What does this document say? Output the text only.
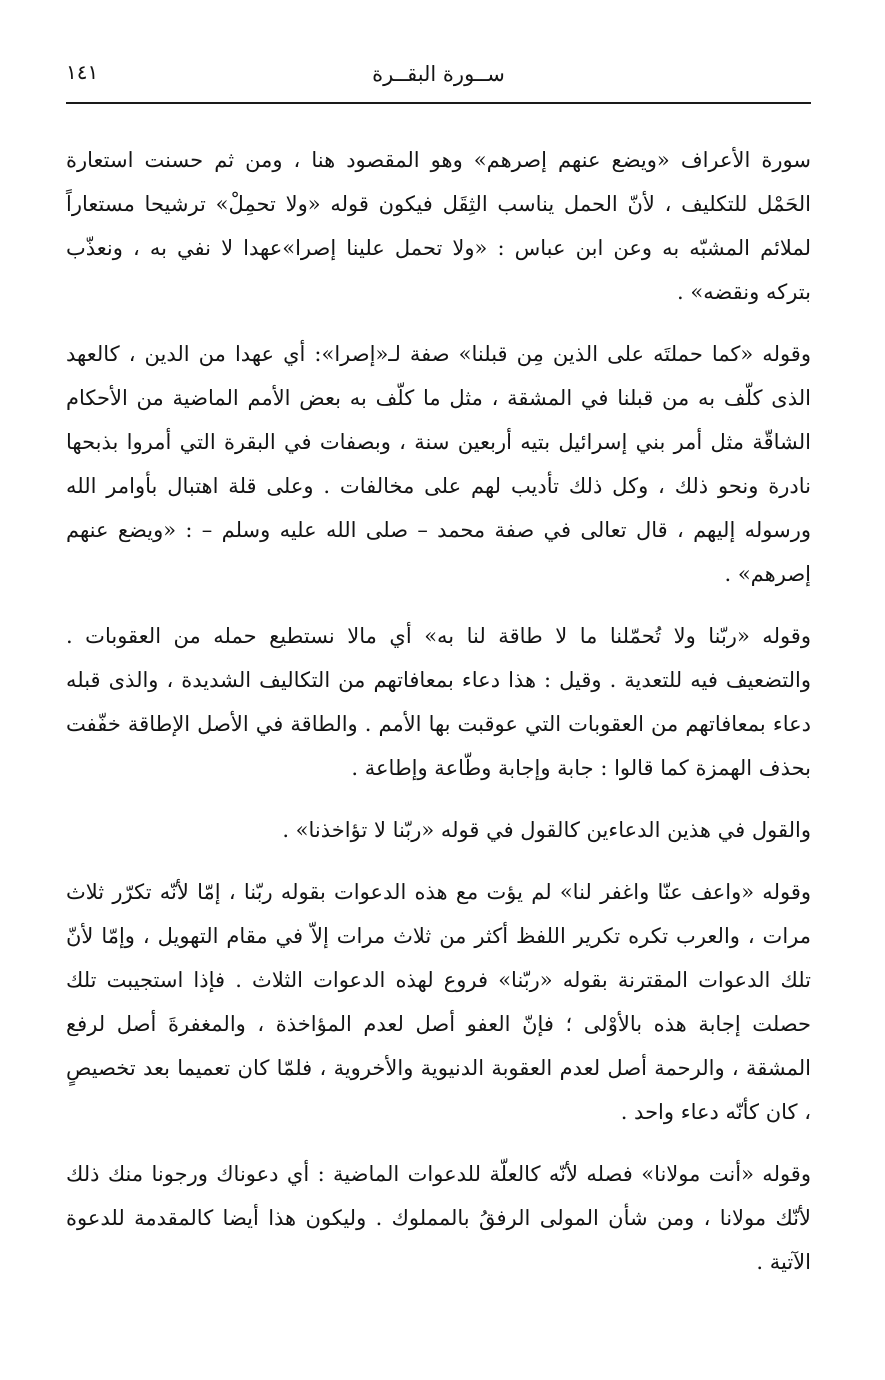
١٤١	ســورة البقــرة

سورة الأعراف «ويضع عنهم إصرهم» وهو المقصود هنا ، ومن ثم حسنت استعارة الحَمْل للتكليف ، لأنّ الحمل يناسب الثِقَل فيكون قوله «ولا تحمِلْ» ترشيحا مستعاراً لملائم المشبّه به وعن ابن عباس : «ولا تحمل علينا إصرا»عهدا لا نفي به ، ونعذّب بتركه ونقضه» .

وقوله «كما حملتَه على الذين مِن قبلنا» صفة لـ«إصرا»: أي عهدا من الدين ، كالعهد الذى كلّف به من قبلنا في المشقة ، مثل ما كلّف به بعض الأمم الماضية من الأحكام الشاقّة مثل أمر بني إسرائيل بتيه أربعين سنة ، وبصفات في البقرة التي أمروا بذبحها نادرة ونحو ذلك ، وكل ذلك تأديب لهم على مخالفات . وعلى قلة اهتبال بأوامر الله ورسوله إليهم ، قال تعالى في صفة محمد – صلى الله عليه وسلم – : «ويضع عنهم إصرهم» .

وقوله «ربّنا ولا تُحمّلنا ما لا طاقة لنا به» أي مالا نستطيع حمله من العقوبات . والتضعيف فيه للتعدية . وقيل : هذا دعاء بمعافاتهم من التكاليف الشديدة ، والذى قبله دعاء بمعافاتهم من العقوبات التي عوقبت بها الأمم . والطاقة في الأصل الإطاقة خفّفت بحذف الهمزة كما قالوا : جابة وإجابة وطّاعة وإطاعة .

والقول في هذين الدعاءين كالقول في قوله «ربّنا لا تؤاخذنا» .

وقوله «واعف عنّا واغفر لنا» لم يؤت مع هذه الدعوات بقوله ربّنا ، إمّا لأنّه تكرّر ثلاث مرات ، والعرب تكره تكرير اللفظ أكثر من ثلاث مرات إلاّ في مقام التهويل ، وإمّا لأنّ تلك الدعوات المقترنة بقوله «ربّنا» فروع لهذه الدعوات الثلاث . فإذا استجيبت تلك حصلت إجابة هذه بالأوْلى ؛ فإنّ العفو أصل لعدم المؤاخذة ، والمغفرةَ أصل لرفع المشقة ، والرحمة أصل لعدم العقوبة الدنيوية والأخروية ، فلمّا كان تعميما بعد تخصيصٍ ، كان كأنّه دعاء واحد .

وقوله «أنت مولانا» فصله لأنّه كالعلّة للدعوات الماضية : أي دعوناك ورجونا منك ذلك لأنّك مولانا ، ومن شأن المولى الرفقُ بالمملوك . وليكون هذا أيضا كالمقدمة للدعوة الآتية .
